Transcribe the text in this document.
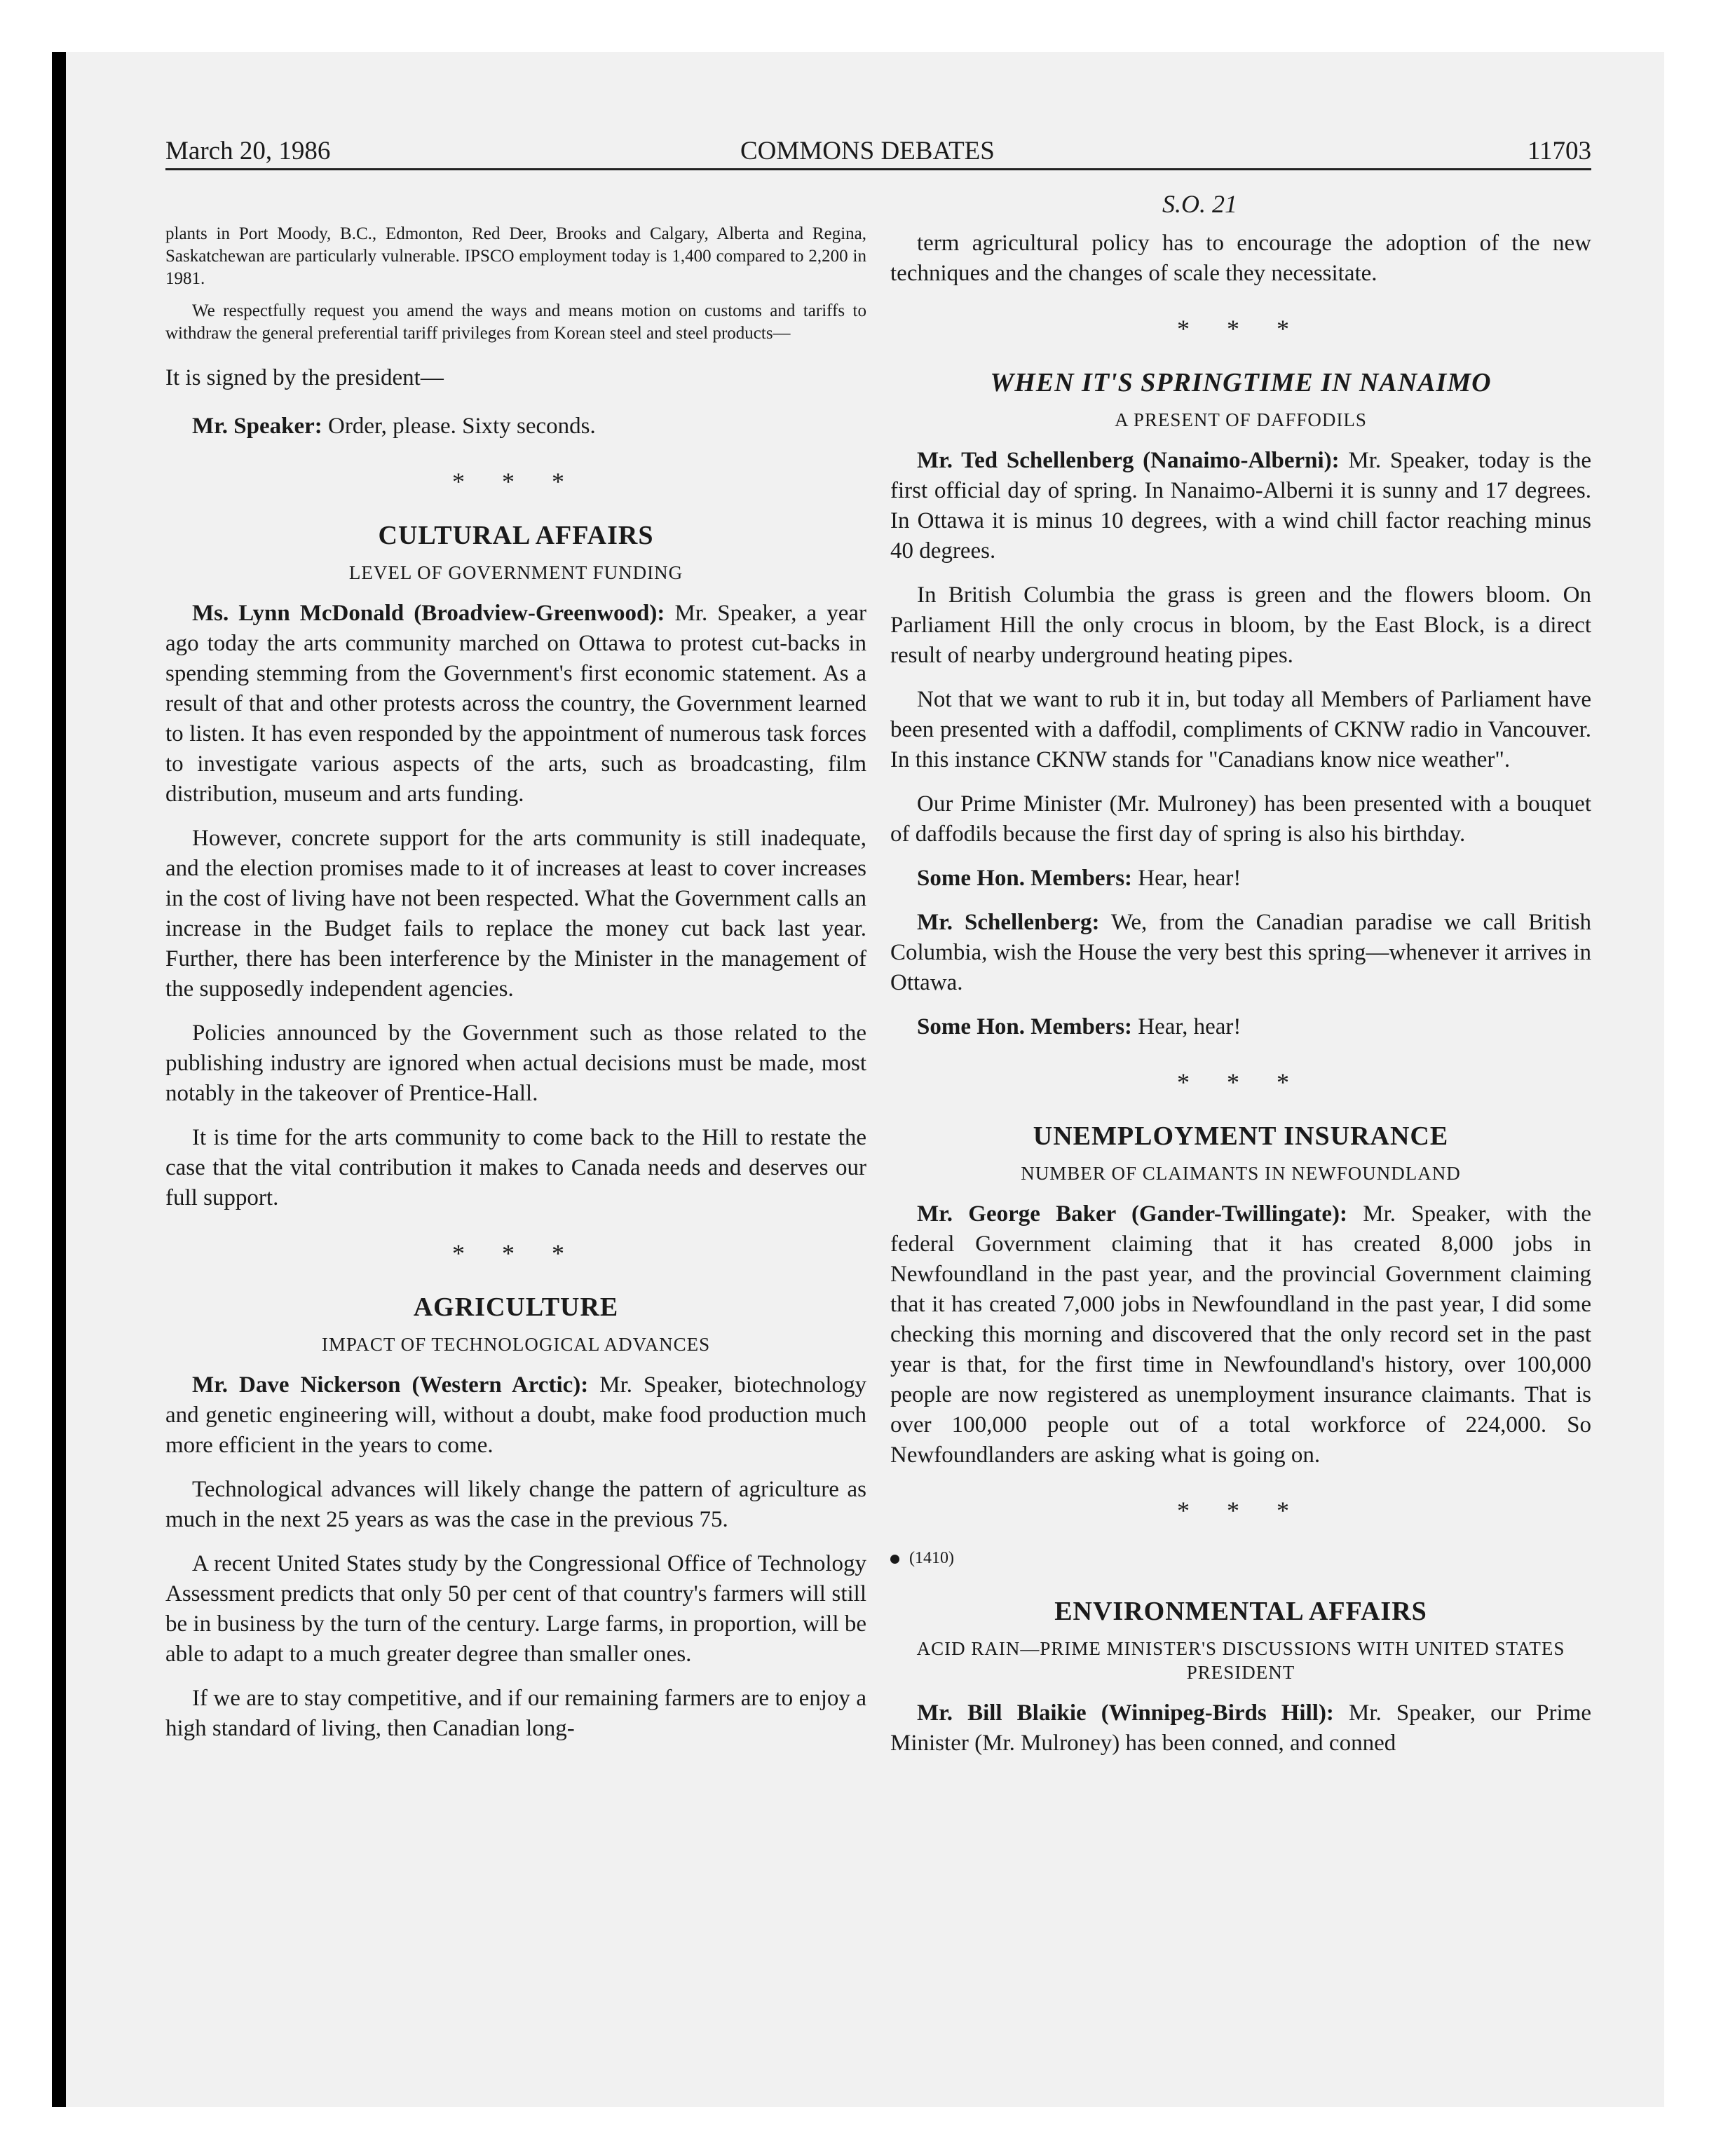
March 20, 1986	COMMONS DEBATES	11703
S.O. 21

plants in Port Moody, B.C., Edmonton, Red Deer, Brooks and Calgary, Alberta and Regina, Saskatchewan are particularly vulnerable. IPSCO employment today is 1,400 compared to 2,200 in 1981.

We respectfully request you amend the ways and means motion on customs and tariffs to withdraw the general preferential tariff privileges from Korean steel and steel products—

It is signed by the president—

Mr. Speaker: Order, please. Sixty seconds.

* * *
CULTURAL AFFAIRS
LEVEL OF GOVERNMENT FUNDING

Ms. Lynn McDonald (Broadview-Greenwood): Mr. Speaker, a year ago today the arts community marched on Ottawa to protest cut-backs in spending stemming from the Government's first economic statement. As a result of that and other protests across the country, the Government learned to listen. It has even responded by the appointment of numerous task forces to investigate various aspects of the arts, such as broadcasting, film distribution, museum and arts funding.

However, concrete support for the arts community is still inadequate, and the election promises made to it of increases at least to cover increases in the cost of living have not been respected. What the Government calls an increase in the Budget fails to replace the money cut back last year. Further, there has been interference by the Minister in the management of the supposedly independent agencies.

Policies announced by the Government such as those related to the publishing industry are ignored when actual decisions must be made, most notably in the takeover of Prentice-Hall.

It is time for the arts community to come back to the Hill to restate the case that the vital contribution it makes to Canada needs and deserves our full support.

* * *
AGRICULTURE
IMPACT OF TECHNOLOGICAL ADVANCES

Mr. Dave Nickerson (Western Arctic): Mr. Speaker, biotechnology and genetic engineering will, without a doubt, make food production much more efficient in the years to come.

Technological advances will likely change the pattern of agriculture as much in the next 25 years as was the case in the previous 75.

A recent United States study by the Congressional Office of Technology Assessment predicts that only 50 per cent of that country's farmers will still be in business by the turn of the century. Large farms, in proportion, will be able to adapt to a much greater degree than smaller ones.

If we are to stay competitive, and if our remaining farmers are to enjoy a high standard of living, then Canadian long-

term agricultural policy has to encourage the adoption of the new techniques and the changes of scale they necessitate.

* * *
WHEN IT'S SPRINGTIME IN NANAIMO
A PRESENT OF DAFFODILS

Mr. Ted Schellenberg (Nanaimo-Alberni): Mr. Speaker, today is the first official day of spring. In Nanaimo-Alberni it is sunny and 17 degrees. In Ottawa it is minus 10 degrees, with a wind chill factor reaching minus 40 degrees.

In British Columbia the grass is green and the flowers bloom. On Parliament Hill the only crocus in bloom, by the East Block, is a direct result of nearby underground heating pipes.

Not that we want to rub it in, but today all Members of Parliament have been presented with a daffodil, compliments of CKNW radio in Vancouver. In this instance CKNW stands for "Canadians know nice weather".

Our Prime Minister (Mr. Mulroney) has been presented with a bouquet of daffodils because the first day of spring is also his birthday.

Some Hon. Members: Hear, hear!

Mr. Schellenberg: We, from the Canadian paradise we call British Columbia, wish the House the very best this spring—whenever it arrives in Ottawa.

Some Hon. Members: Hear, hear!

* * *
UNEMPLOYMENT INSURANCE
NUMBER OF CLAIMANTS IN NEWFOUNDLAND

Mr. George Baker (Gander-Twillingate): Mr. Speaker, with the federal Government claiming that it has created 8,000 jobs in Newfoundland in the past year, and the provincial Government claiming that it has created 7,000 jobs in Newfoundland in the past year, I did some checking this morning and discovered that the only record set in the past year is that, for the first time in Newfoundland's history, over 100,000 people are now registered as unemployment insurance claimants. That is over 100,000 people out of a total workforce of 224,000. So Newfoundlanders are asking what is going on.

* * *
(1410)
ENVIRONMENTAL AFFAIRS
ACID RAIN—PRIME MINISTER'S DISCUSSIONS WITH UNITED STATES PRESIDENT

Mr. Bill Blaikie (Winnipeg-Birds Hill): Mr. Speaker, our Prime Minister (Mr. Mulroney) has been conned, and conned
